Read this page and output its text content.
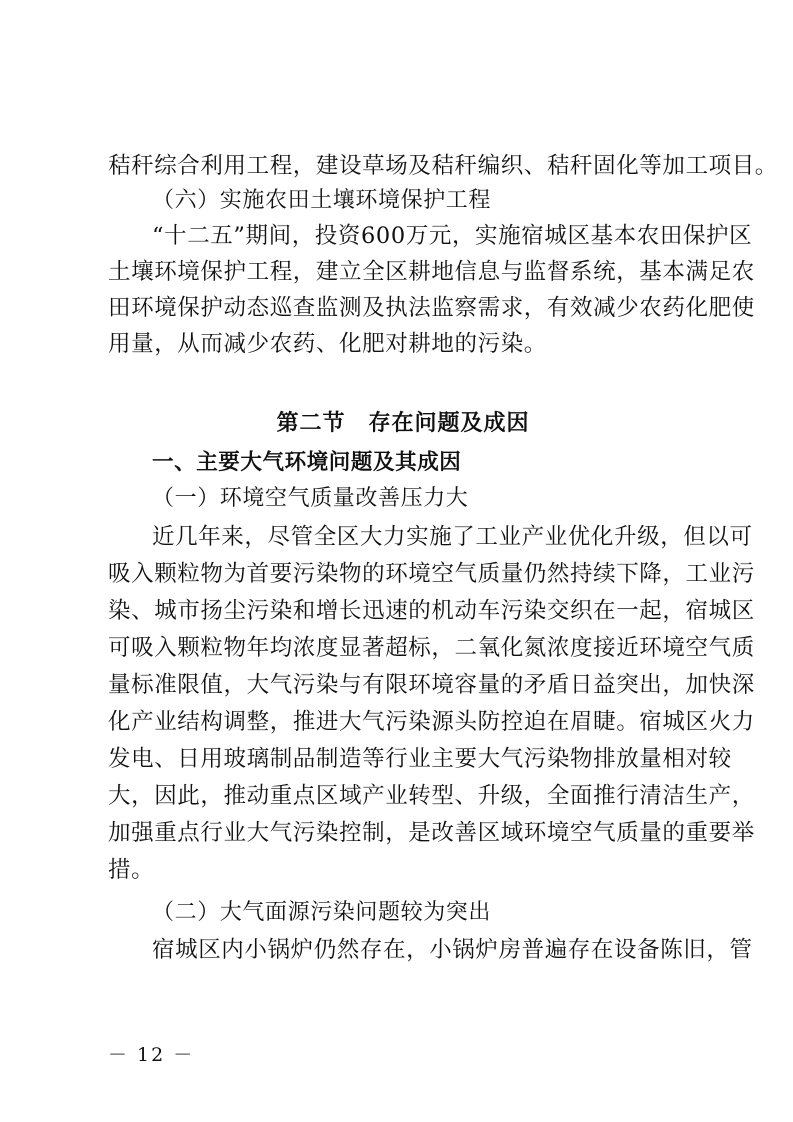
秸秆综合利用工程，建设草场及秸秆编织、秸秆固化等加工项目。
（六）实施农田土壤环境保护工程
“十二五”期间，投资600万元，实施宿城区基本农田保护区
土壤环境保护工程，建立全区耕地信息与监督系统，基本满足农
田环境保护动态巡查监测及执法监察需求，有效减少农药化肥使
用量，从而减少农药、化肥对耕地的污染。
第二节　存在问题及成因
一、主要大气环境问题及其成因
（一）环境空气质量改善压力大
近几年来，尽管全区大力实施了工业产业优化升级，但以可
吸入颗粒物为首要污染物的环境空气质量仍然持续下降，工业污
染、城市扬尘污染和增长迅速的机动车污染交织在一起，宿城区
可吸入颗粒物年均浓度显著超标，二氧化氮浓度接近环境空气质
量标准限值，大气污染与有限环境容量的矛盾日益突出，加快深
化产业结构调整，推进大气污染源头防控迫在眉睫。宿城区火力
发电、日用玻璃制品制造等行业主要大气污染物排放量相对较
大，因此，推动重点区域产业转型、升级，全面推行清洁生产，
加强重点行业大气污染控制，是改善区域环境空气质量的重要举
措。
（二）大气面源污染问题较为突出
宿城区内小锅炉仍然存在，小锅炉房普遍存在设备陈旧，管
－ 12 －
